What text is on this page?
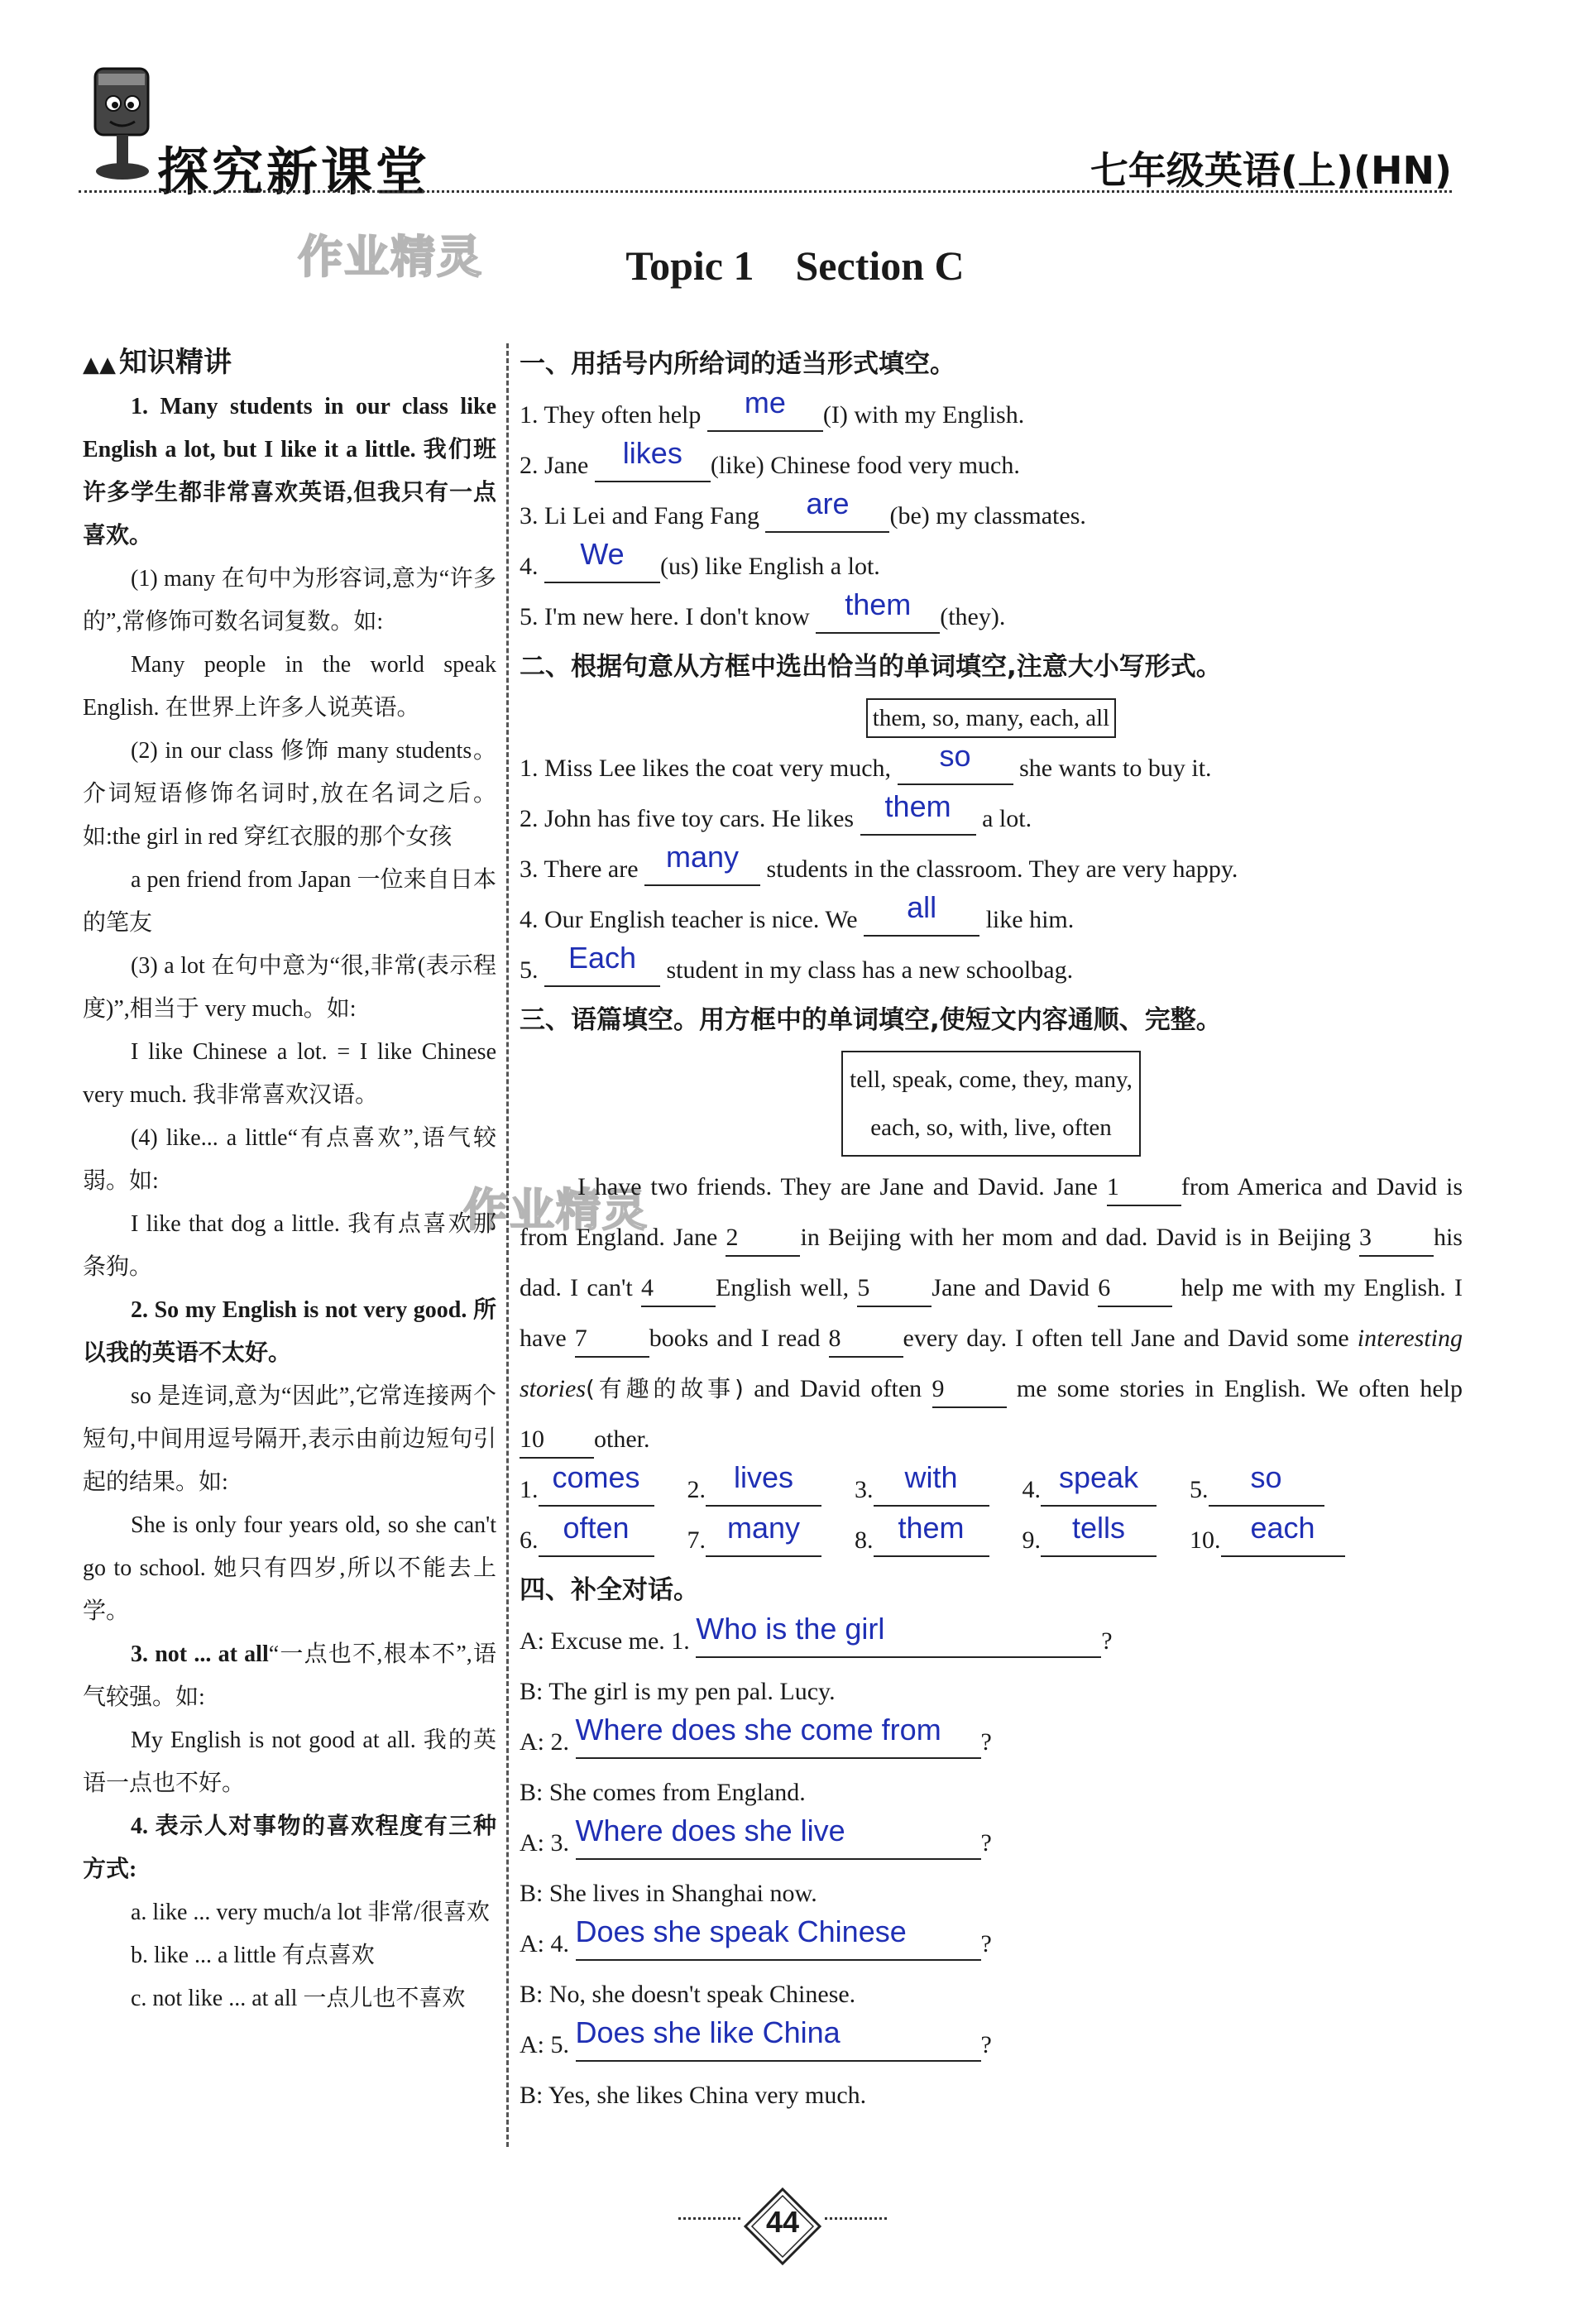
探究新课堂	七年级英语(上)(HN)
作业精灵
作业精灵
Topic 1    Section C
▲▲ 知识精讲
1. Many students in our class like English a lot, but I like it a little. 我们班许多学生都非常喜欢英语,但我只有一点喜欢。
(1) many 在句中为形容词,意为“许多的”,常修饰可数名词复数。如:
Many people in the world speak English. 在世界上许多人说英语。
(2) in our class 修饰 many students。介词短语修饰名词时,放在名词之后。如:the girl in red 穿红衣服的那个女孩
a pen friend from Japan 一位来自日本的笔友
(3) a lot 在句中意为“很,非常(表示程度)”,相当于 very much。如:
I like Chinese a lot. = I like Chinese very much. 我非常喜欢汉语。
(4) like... a little“有点喜欢”,语气较弱。如:
I like that dog a little. 我有点喜欢那条狗。
2. So my English is not very good. 所以我的英语不太好。
so 是连词,意为“因此”,它常连接两个短句,中间用逗号隔开,表示由前边短句引起的结果。如:
She is only four years old, so she can't go to school. 她只有四岁,所以不能去上学。
3. not ... at all“一点也不,根本不”,语气较强。如:
My English is not good at all. 我的英语一点也不好。
4. 表示人对事物的喜欢程度有三种方式:
a. like ... very much/a lot 非常/很喜欢
b. like ... a little 有点喜欢
c. not like ... at all 一点儿也不喜欢
一、用括号内所给词的适当形式填空。
1. They often help me (I) with my English.
2. Jane likes (like) Chinese food very much.
3. Li Lei and Fang Fang are (be) my classmates.
4. We (us) like English a lot.
5. I'm new here. I don't know them (they).
二、根据句意从方框中选出恰当的单词填空,注意大小写形式。
them, so, many, each, all
1. Miss Lee likes the coat very much, so she wants to buy it.
2. John has five toy cars. He likes them a lot.
3. There are many students in the classroom. They are very happy.
4. Our English teacher is nice. We all like him.
5. Each student in my class has a new schoolbag.
三、语篇填空。用方框中的单词填空,使短文内容通顺、完整。
tell, speak, come, they, many,
each, so, with, live, often
I have two friends. They are Jane and David. Jane 1	from America and David is from England. Jane 2	in Beijing with her mom and dad. David is in Beijing 3	his dad. I can't 4	English well, 5	Jane and David 6	help me with my English. I have 7	books and I read 8	every day. I often tell Jane and David some interesting stories(有趣的故事) and David often 9	me some stories in English. We often help 10 other.
1. comes 2. lives 3. with	4. speak 5. so
6. often 7. many 8. them 9. tells	10. each
四、补全对话。
A: Excuse me. 1. Who is the girl	?
B: The girl is my pen pal. Lucy.
A: 2. Where does she come from ?
B: She comes from England.
A: 3. Where does she live	?
B: She lives in Shanghai now.
A: 4. Does she speak Chinese	?
B: No, she doesn't speak Chinese.
A: 5. Does she like China	?
B: Yes, she likes China very much.
44
